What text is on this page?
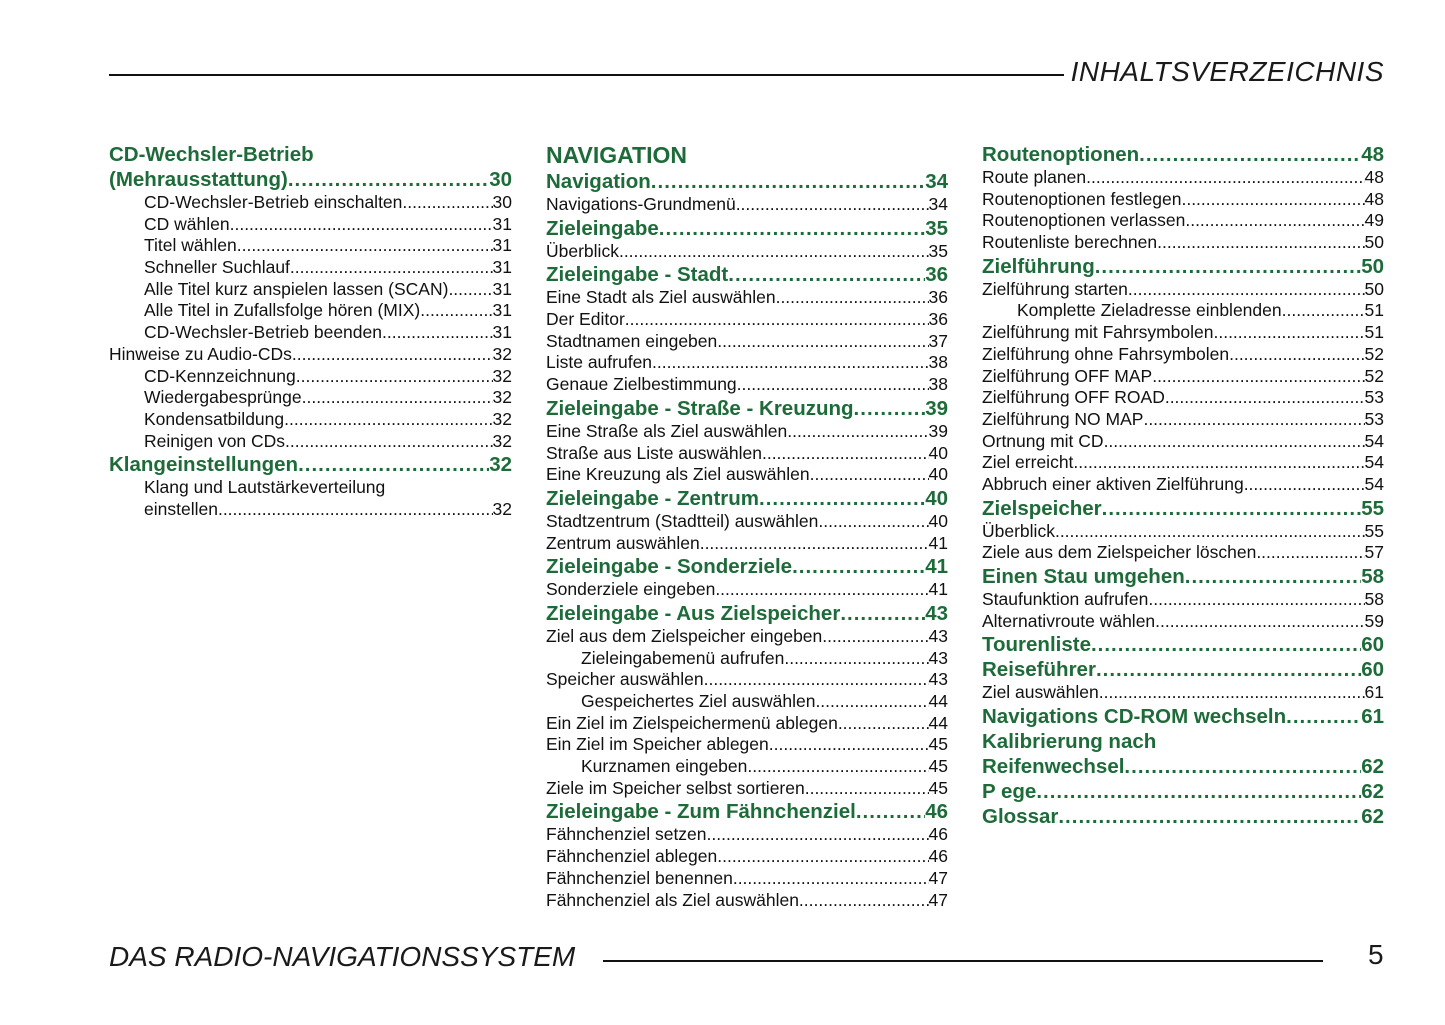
INHALTSVERZEICHNIS
CD-Wechsler-Betrieb
(Mehrausstattung) .....	30
CD-Wechsler-Betrieb einschalten .....	30
CD wählen .....	31
Titel wählen .....	31
Schneller Suchlauf .....	31
Alle Titel kurz anspielen lassen (SCAN) .....	31
Alle Titel in Zufallsfolge hören (MIX) .....	31
CD-Wechsler-Betrieb beenden .....	31
Hinweise zu Audio-CDs .....	32
CD-Kennzeichnung .....	32
Wiedergabesprünge .....	32
Kondensatbildung .....	32
Reinigen von CDs .....	32
Klangeinstellungen .....	32
Klang und Lautstärkeverteilung
einstellen .....	32
NAVIGATION
Navigation .....	34
Navigations-Grundmenü .....	34
Zieleingabe .....	35
Überblick .....	35
Zieleingabe - Stadt .....	36
Eine Stadt als Ziel auswählen .....	36
Der Editor .....	36
Stadtnamen eingeben .....	37
Liste aufrufen .....	38
Genaue Zielbestimmung .....	38
Zieleingabe - Straße - Kreuzung .....	39
Eine Straße als Ziel auswählen .....	39
Straße aus Liste auswählen .....	40
Eine Kreuzung als Ziel auswählen .....	40
Zieleingabe - Zentrum .....	40
Stadtzentrum (Stadtteil) auswählen .....	40
Zentrum auswählen .....	41
Zieleingabe - Sonderziele .....	41
Sonderziele eingeben .....	41
Zieleingabe - Aus Zielspeicher .....	43
Ziel aus dem Zielspeicher eingeben .....	43
Zieleingabemenü aufrufen .....	43
Speicher auswählen .....	43
Gespeichertes Ziel auswählen .....	44
Ein Ziel im Zielspeichermenü ablegen .....	44
Ein Ziel im Speicher ablegen .....	45
Kurznamen eingeben .....	45
Ziele im Speicher selbst sortieren .....	45
Zieleingabe - Zum Fähnchenziel .....	46
Fähnchenziel setzen .....	46
Fähnchenziel ablegen .....	46
Fähnchenziel benennen .....	47
Fähnchenziel als Ziel auswählen .....	47
Routenoptionen .....	48
Route planen .....	48
Routenoptionen festlegen .....	48
Routenoptionen verlassen .....	49
Routenliste berechnen .....	50
Zielführung .....	50
Zielführung starten .....	50
Komplette Zieladresse einblenden .....	51
Zielführung mit Fahrsymbolen .....	51
Zielführung ohne Fahrsymbolen .....	52
Zielführung OFF MAP .....	52
Zielführung OFF ROAD .....	53
Zielführung NO MAP .....	53
Ortnung mit CD .....	54
Ziel erreicht .....	54
Abbruch einer aktiven Zielführung .....	54
Zielspeicher .....	55
Überblick .....	55
Ziele aus dem Zielspeicher löschen .....	57
Einen Stau umgehen .....	58
Staufunktion aufrufen .....	58
Alternativroute wählen .....	59
Tourenliste .....	60
Reiseführer .....	60
Ziel auswählen .....	61
Navigations CD-ROM wechseln .....	61
Kalibrierung nach
Reifenwechsel .....	62
P ege .....	62
Glossar .....	62
DAS RADIO-NAVIGATIONSSYSTEM	5
